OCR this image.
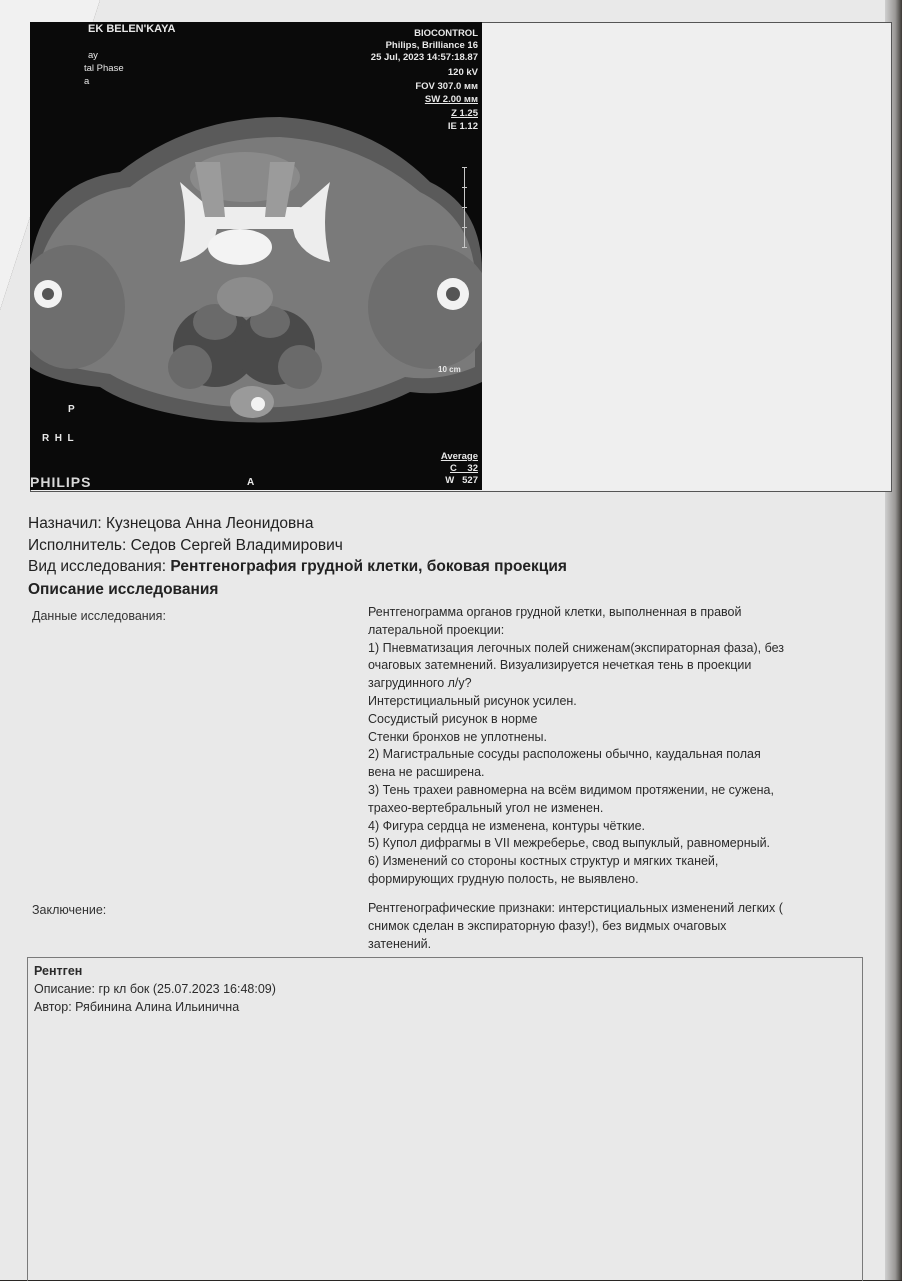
EK BELEN'KAYA
ау
tal Phase
a
BIOCONTROL
Philips, Brilliance 16
25 Jul, 2023 14:57:18.87
120 kV
FOV 307.0 мм
SW 2.00 мм
Z 1.25
IE 1.12
10 cm
P
R  H  L
A
Average
C    32
W   527
PHILIPS
Назначил: Кузнецова Анна Леонидовна
Исполнитель: Седов Сергей Владимирович
Вид исследования: Рентгенография грудной клетки, боковая проекция
Описание исследования
Данные исследования:	Рентгенограмма органов грудной клетки, выполненная в правой
латеральной проекции:
1) Пневматизация легочных полей сниженам(экспираторная фаза), без
очаговых затемнений. Визуализируется нечеткая тень в проекции
загрудинного л/у?
Интерстициальный рисунок усилен.
Сосудистый рисунок в норме
Стенки бронхов не уплотнены.
2) Магистральные сосуды расположены обычно, каудальная полая
вена не расширена.
3) Тень трахеи равномерна на всём видимом протяжении, не сужена,
трахео-вертебральный угол не изменен.
4) Фигура сердца не изменена, контуры чёткие.
5) Купол дифрагмы в VII межреберье, свод выпуклый, равномерный.
6) Изменений со стороны костных структур и мягких тканей,
формирующих грудную полость, не выявлено.
Заключение:	Рентгенографические признаки: интерстициальных изменений легких (
снимок сделан в экспираторную фазу!), без видмых очаговых
затенений.
Рентген
Описание: гр кл бок (25.07.2023 16:48:09)
Автор: Рябинина Алина Ильинична
